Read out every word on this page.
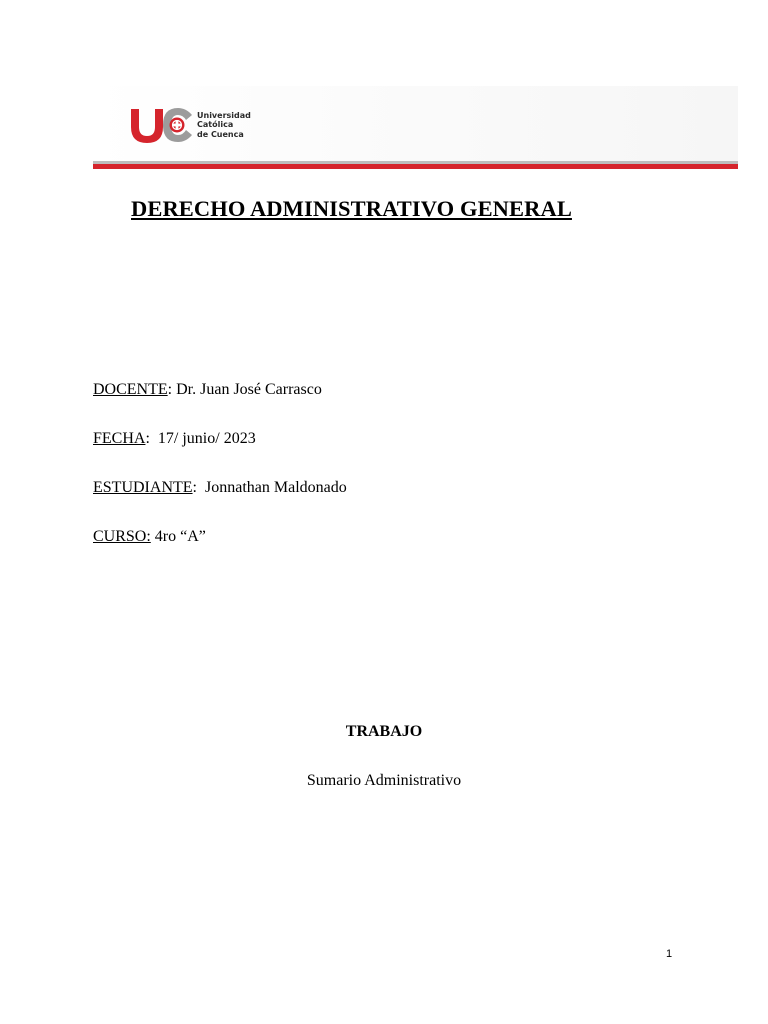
Universidad
Católica
de Cuenca
DERECHO ADMINISTRATIVO GENERAL
DOCENTE: Dr. Juan José Carrasco
FECHA:  17/ junio/ 2023
ESTUDIANTE:  Jonnathan Maldonado
CURSO: 4ro “A”
TRABAJO
Sumario Administrativo
1
